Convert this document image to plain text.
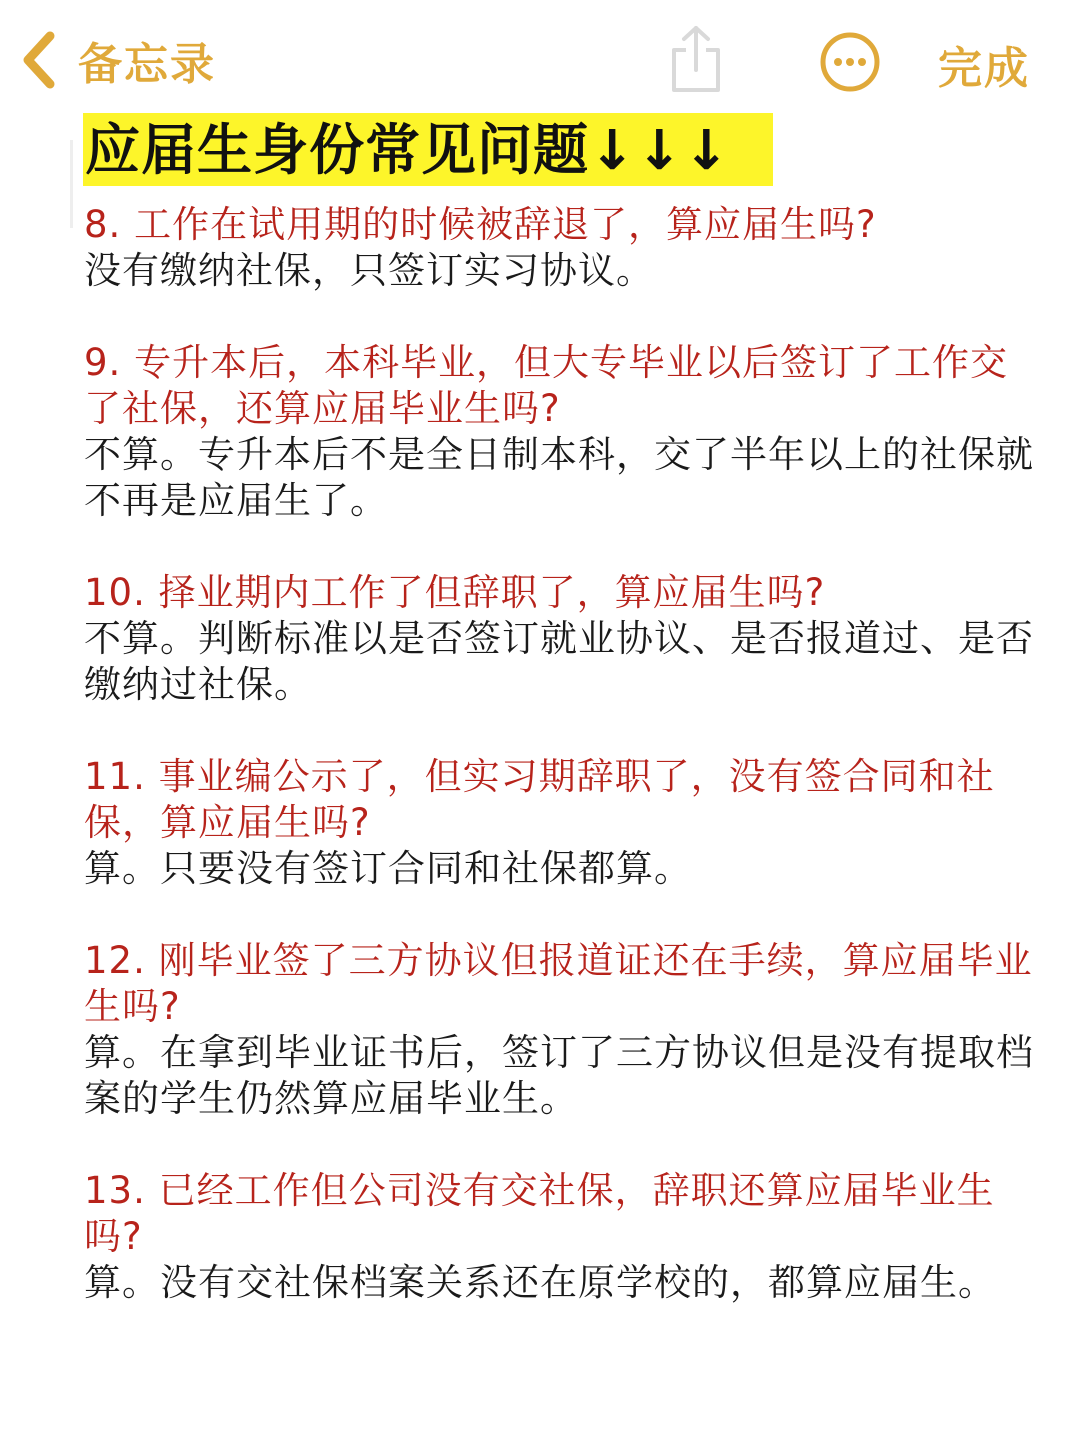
备忘录	完成
应届生身份常见问题↓↓↓
8. 工作在试用期的时候被辞退了，算应届生吗?
没有缴纳社保，只签订实习协议。
9. 专升本后，本科毕业，但大专毕业以后签订了工作交了社保，还算应届毕业生吗?
不算。专升本后不是全日制本科，交了半年以上的社保就不再是应届生了。
10. 择业期内工作了但辞职了，算应届生吗?
不算。判断标准以是否签订就业协议、是否报道过、是否缴纳过社保。
11. 事业编公示了，但实习期辞职了，没有签合同和社保，算应届生吗?
算。只要没有签订合同和社保都算。
12. 刚毕业签了三方协议但报道证还在手续，算应届毕业生吗?
算。在拿到毕业证书后，签订了三方协议但是没有提取档案的学生仍然算应届毕业生。
13. 已经工作但公司没有交社保，辞职还算应届毕业生吗?
算。没有交社保档案关系还在原学校的，都算应届生。
